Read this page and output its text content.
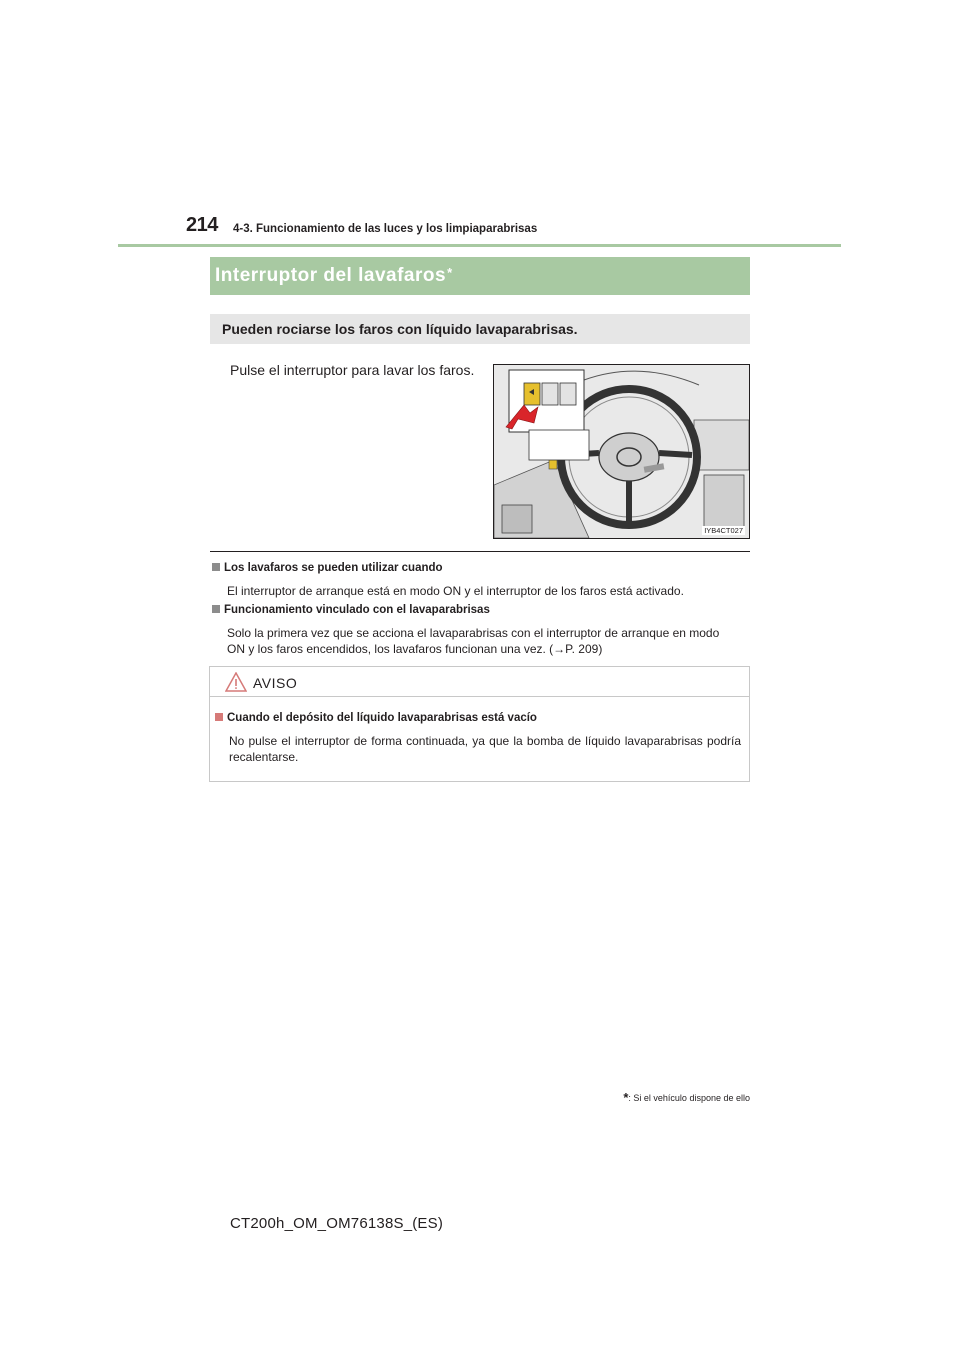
214 4-3. Funcionamiento de las luces y los limpiaparabrisas
Interruptor del lavafaros*
Pueden rociarse los faros con líquido lavaparabrisas.
Pulse el interruptor para lavar los faros.
IYB4CT027
Los lavafaros se pueden utilizar cuando
El interruptor de arranque está en modo ON y el interruptor de los faros está activado.
Funcionamiento vinculado con el lavaparabrisas
Solo la primera vez que se acciona el lavaparabrisas con el interruptor de arranque en modo
ON y los faros encendidos, los lavafaros funcionan una vez. (→P. 209)
AVISO
Cuando el depósito del líquido lavaparabrisas está vacío
No pulse el interruptor de forma continuada, ya que la bomba de líquido lavaparabrisas podría recalentarse.
*: Si el vehículo dispone de ello
CT200h_OM_OM76138S_(ES)
